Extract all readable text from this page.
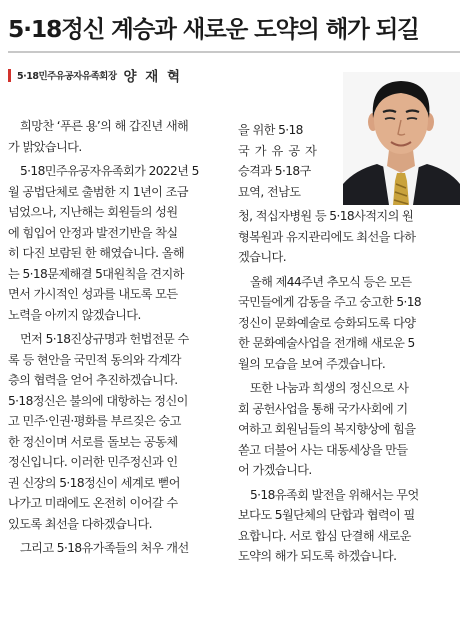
5·18정신 계승과 새로운 도약의 해가 되길
5·18민주유공자유족회장 양 재 혁
희망찬 ‘푸른 용’의 해 갑진년 새해
가 밝았습니다.
5·18민주유공자유족회가 2022년 5
월 공법단체로 출범한 지 1년이 조금
넘었으나, 지난해는 회원들의 성원
에 힘입어 안정과 발전기반을 착실
히 다진 보람된 한 해였습니다. 올해
는 5·18문제해결 5대원칙을 견지하
면서 가시적인 성과를 내도록 모든
노력을 아끼지 않겠습니다.
먼저 5·18진상규명과 헌법전문 수
록 등 현안을 국민적 동의와 각계각
층의 협력을 얻어 추진하겠습니다.
5·18정신은 불의에 대항하는 정신이
고 민주·인권·평화를 부르짖은 숭고
한 정신이며 서로를 돌보는 공동체
정신입니다. 이러한 민주정신과 인
권 신장의 5·18정신이 세계로 뻗어
나가고 미래에도 온전히 이어갈 수
있도록 최선을 다하겠습니다.
그리고 5·18유가족들의 처우 개선
을 위한 5·18
국가유공자
승격과 5·18구
묘역, 전남도
청, 적십자병원 등 5·18사적지의 원
형복원과 유지관리에도 최선을 다하
겠습니다.
올해 제44주년 추모식 등은 모든
국민들에게 감동을 주고 숭고한 5·18
정신이 문화예술로 승화되도록 다양
한 문화예술사업을 전개해 새로운 5
월의 모습을 보여 주겠습니다.
또한 나눔과 희생의 정신으로 사
회 공헌사업을 통해 국가사회에 기
여하고 회원님들의 복지향상에 힘을
쏟고 더불어 사는 대동세상을 만들
어 가겠습니다.
5·18유족회 발전을 위해서는 무엇
보다도 5월단체의 단합과 협력이 필
요합니다. 서로 합심 단결해 새로운
도약의 해가 되도록 하겠습니다.
